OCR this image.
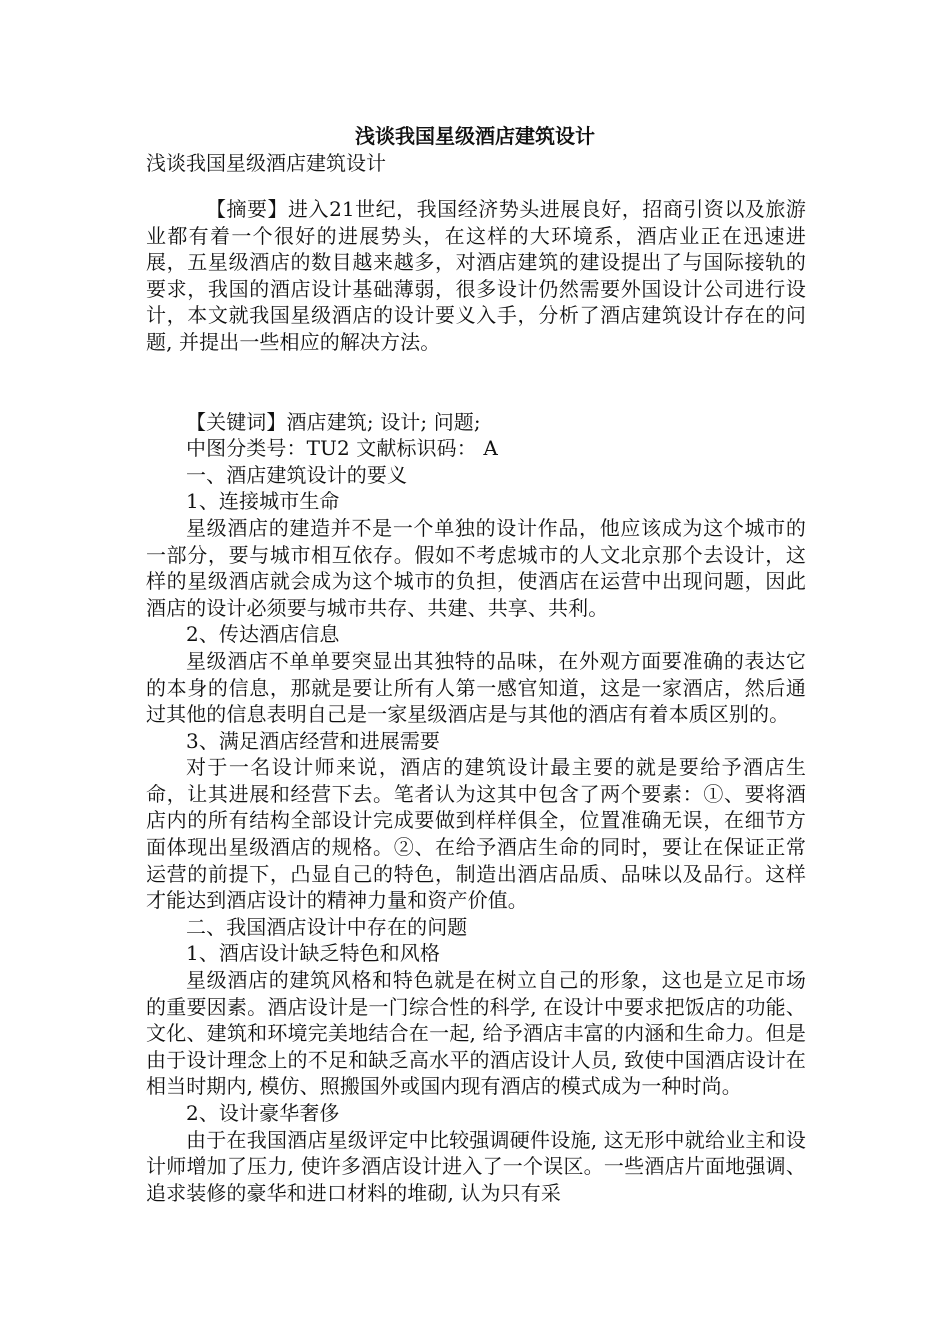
浅谈我国星级酒店建筑设计
浅谈我国星级酒店建筑设计

【摘要】进入21世纪，我国经济势头进展良好，招商引资以及旅游业都有着一个很好的进展势头，在这样的大环境系，酒店业正在迅速进展，五星级酒店的数目越来越多，对酒店建筑的建设提出了与国际接轨的要求，我国的酒店设计基础薄弱，很多设计仍然需要外国设计公司进行设计，本文就我国星级酒店的设计要义入手，分析了酒店建筑设计存在的问题, 并提出一些相应的解决方法。

【关键词】酒店建筑; 设计; 问题;

中图分类号：TU2 文献标识码： A

一、酒店建筑设计的要义

1、连接城市生命

星级酒店的建造并不是一个单独的设计作品，他应该成为这个城市的一部分，要与城市相互依存。假如不考虑城市的人文北京那个去设计，这样的星级酒店就会成为这个城市的负担，使酒店在运营中出现问题，因此酒店的设计必须要与城市共存、共建、共享、共利。

2、传达酒店信息

星级酒店不单单要突显出其独特的品味，在外观方面要准确的表达它的本身的信息，那就是要让所有人第一感官知道，这是一家酒店，然后通过其他的信息表明自己是一家星级酒店是与其他的酒店有着本质区别的。

3、满足酒店经营和进展需要

对于一名设计师来说，酒店的建筑设计最主要的就是要给予酒店生命，让其进展和经营下去。笔者认为这其中包含了两个要素：①、要将酒店内的所有结构全部设计完成要做到样样俱全，位置准确无误，在细节方面体现出星级酒店的规格。②、在给予酒店生命的同时，要让在保证正常运营的前提下，凸显自己的特色，制造出酒店品质、品味以及品行。这样才能达到酒店设计的精神力量和资产价值。

二、我国酒店设计中存在的问题

1、酒店设计缺乏特色和风格

星级酒店的建筑风格和特色就是在树立自己的形象，这也是立足市场的重要因素。酒店设计是一门综合性的科学, 在设计中要求把饭店的功能、文化、建筑和环境完美地结合在一起, 给予酒店丰富的内涵和生命力。但是由于设计理念上的不足和缺乏高水平的酒店设计人员, 致使中国酒店设计在相当时期内, 模仿、照搬国外或国内现有酒店的模式成为一种时尚。

2、设计豪华奢侈

由于在我国酒店星级评定中比较强调硬件设施, 这无形中就给业主和设计师增加了压力, 使许多酒店设计进入了一个误区。一些酒店片面地强调、追求装修的豪华和进口材料的堆砌, 认为只有采
